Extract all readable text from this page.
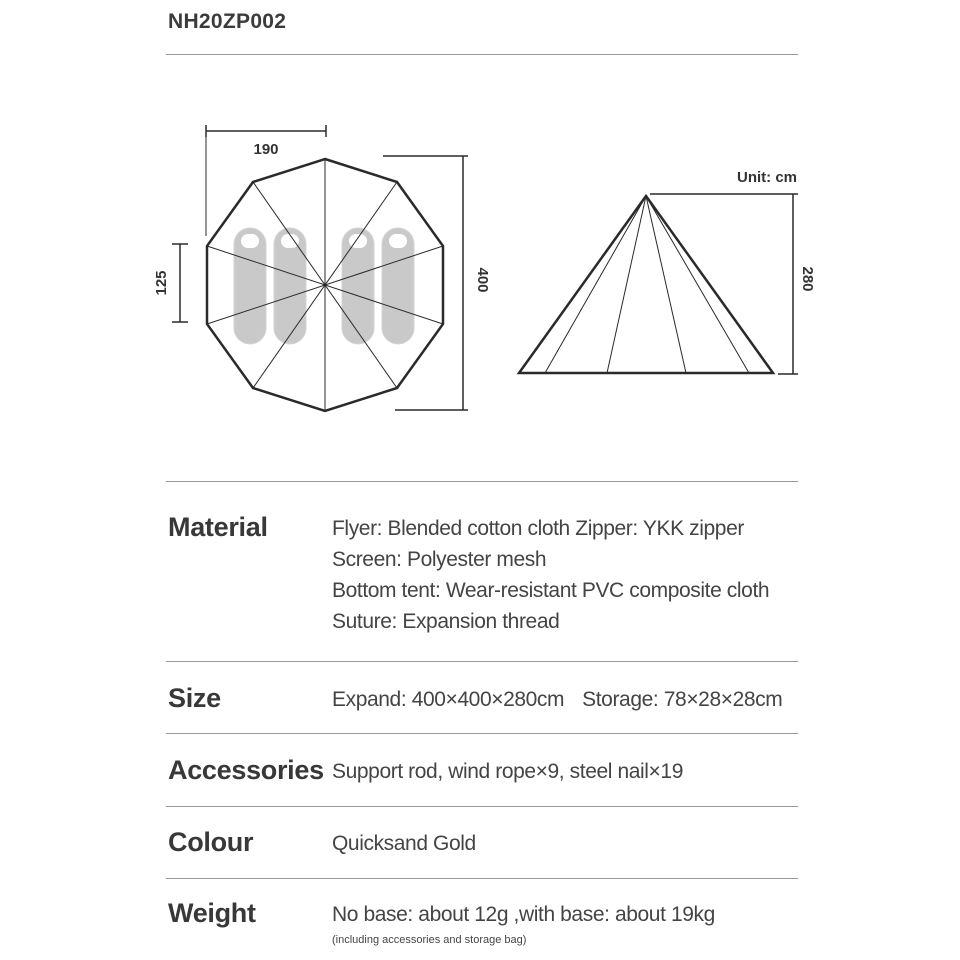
NH20ZP002
190
125	400
Unit: cm
280
Material	Flyer: Blended cotton cloth Zipper: YKK zipper
Screen: Polyester mesh
Bottom tent: Wear-resistant PVC composite cloth
Suture: Expansion thread
Size	Expand: 400×400×280cm Storage: 78×28×28cm
Accessories Support rod, wind rope×9, steel nail×19
Colour	Quicksand Gold
Weight	No base: about 12g ,with base: about 19kg
(including accessories and storage bag)
